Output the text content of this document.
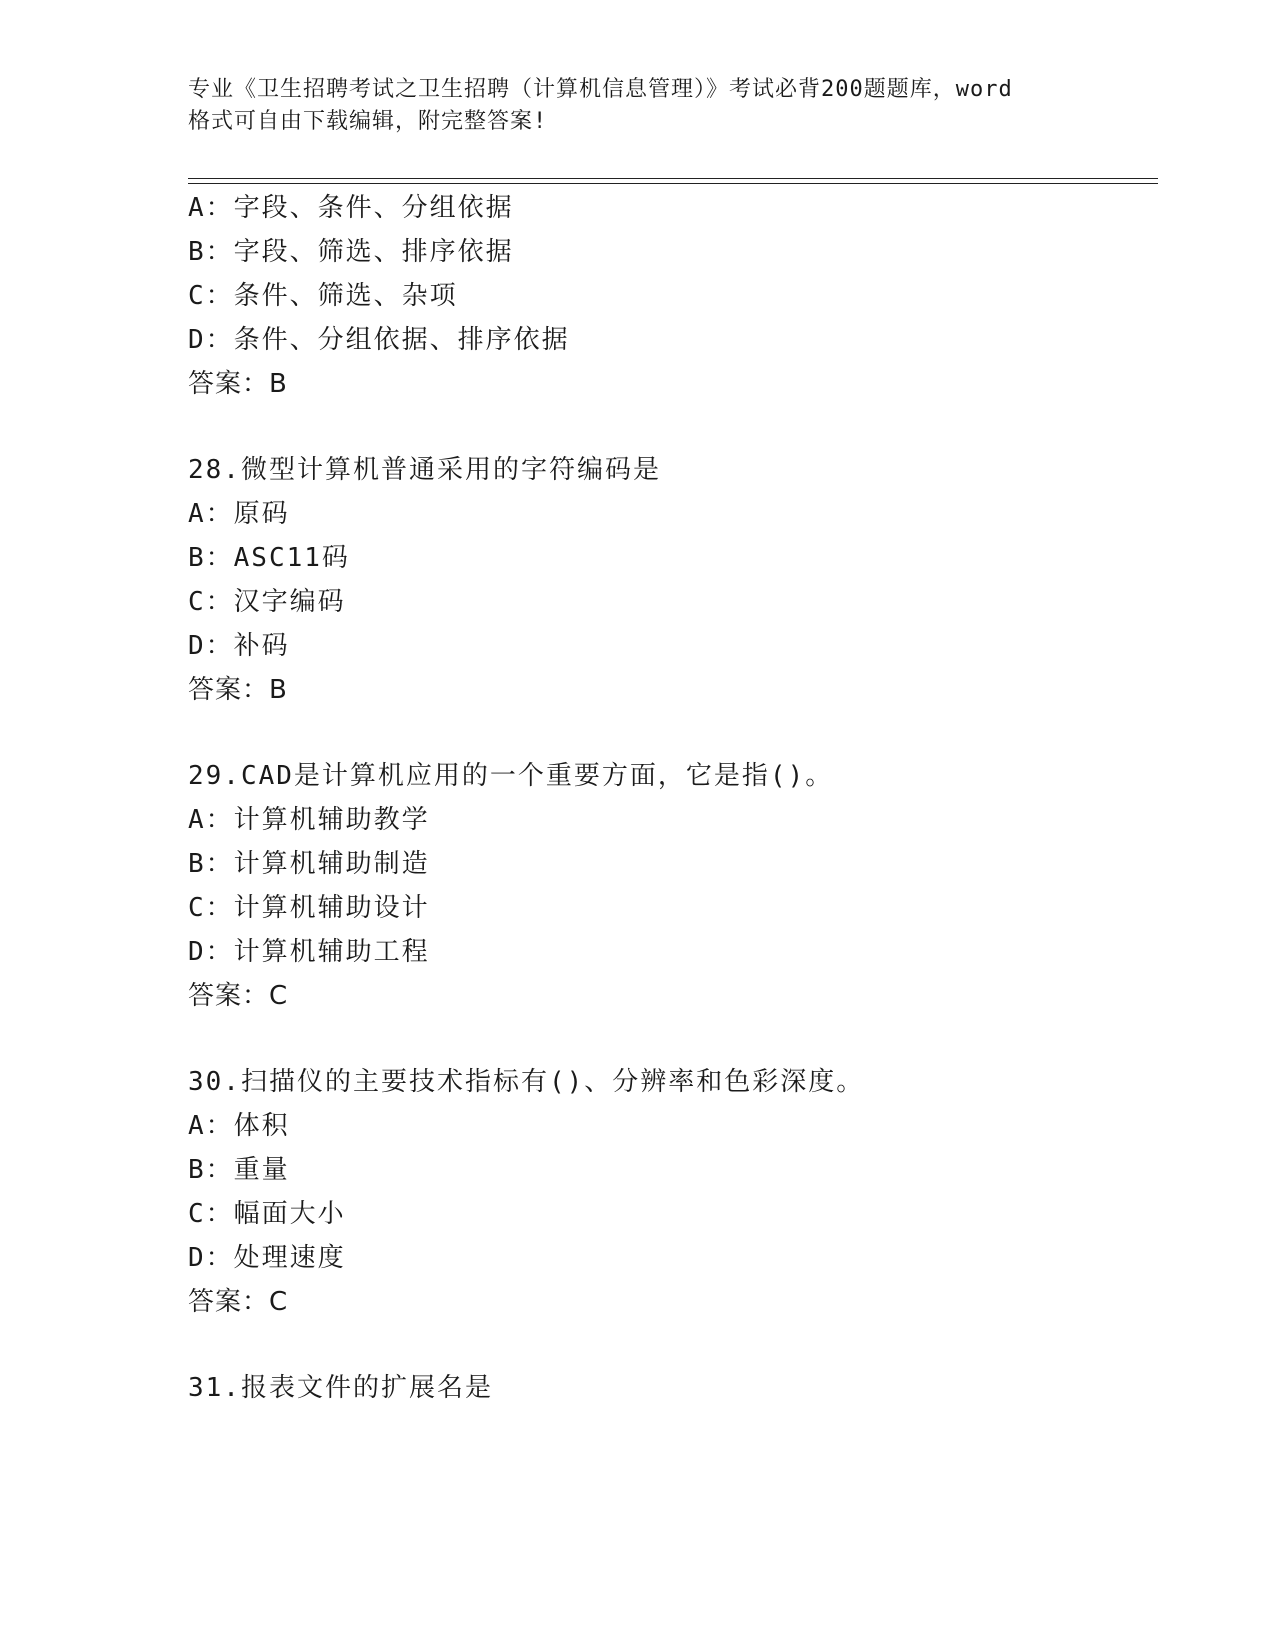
专业《卫生招聘考试之卫生招聘（计算机信息管理）》考试必背200题题库，word
格式可自由下载编辑，附完整答案!
A：字段、条件、分组依据
B：字段、筛选、排序依据
C：条件、筛选、杂项
D：条件、分组依据、排序依据
答案：B
28.微型计算机普通采用的字符编码是
A：原码
B：ASC11码
C：汉字编码
D：补码
答案：B
29.CAD是计算机应用的一个重要方面，它是指()。
A：计算机辅助教学
B：计算机辅助制造
C：计算机辅助设计
D：计算机辅助工程
答案：C
30.扫描仪的主要技术指标有()、分辨率和色彩深度。
A：体积
B：重量
C：幅面大小
D：处理速度
答案：C
31.报表文件的扩展名是
